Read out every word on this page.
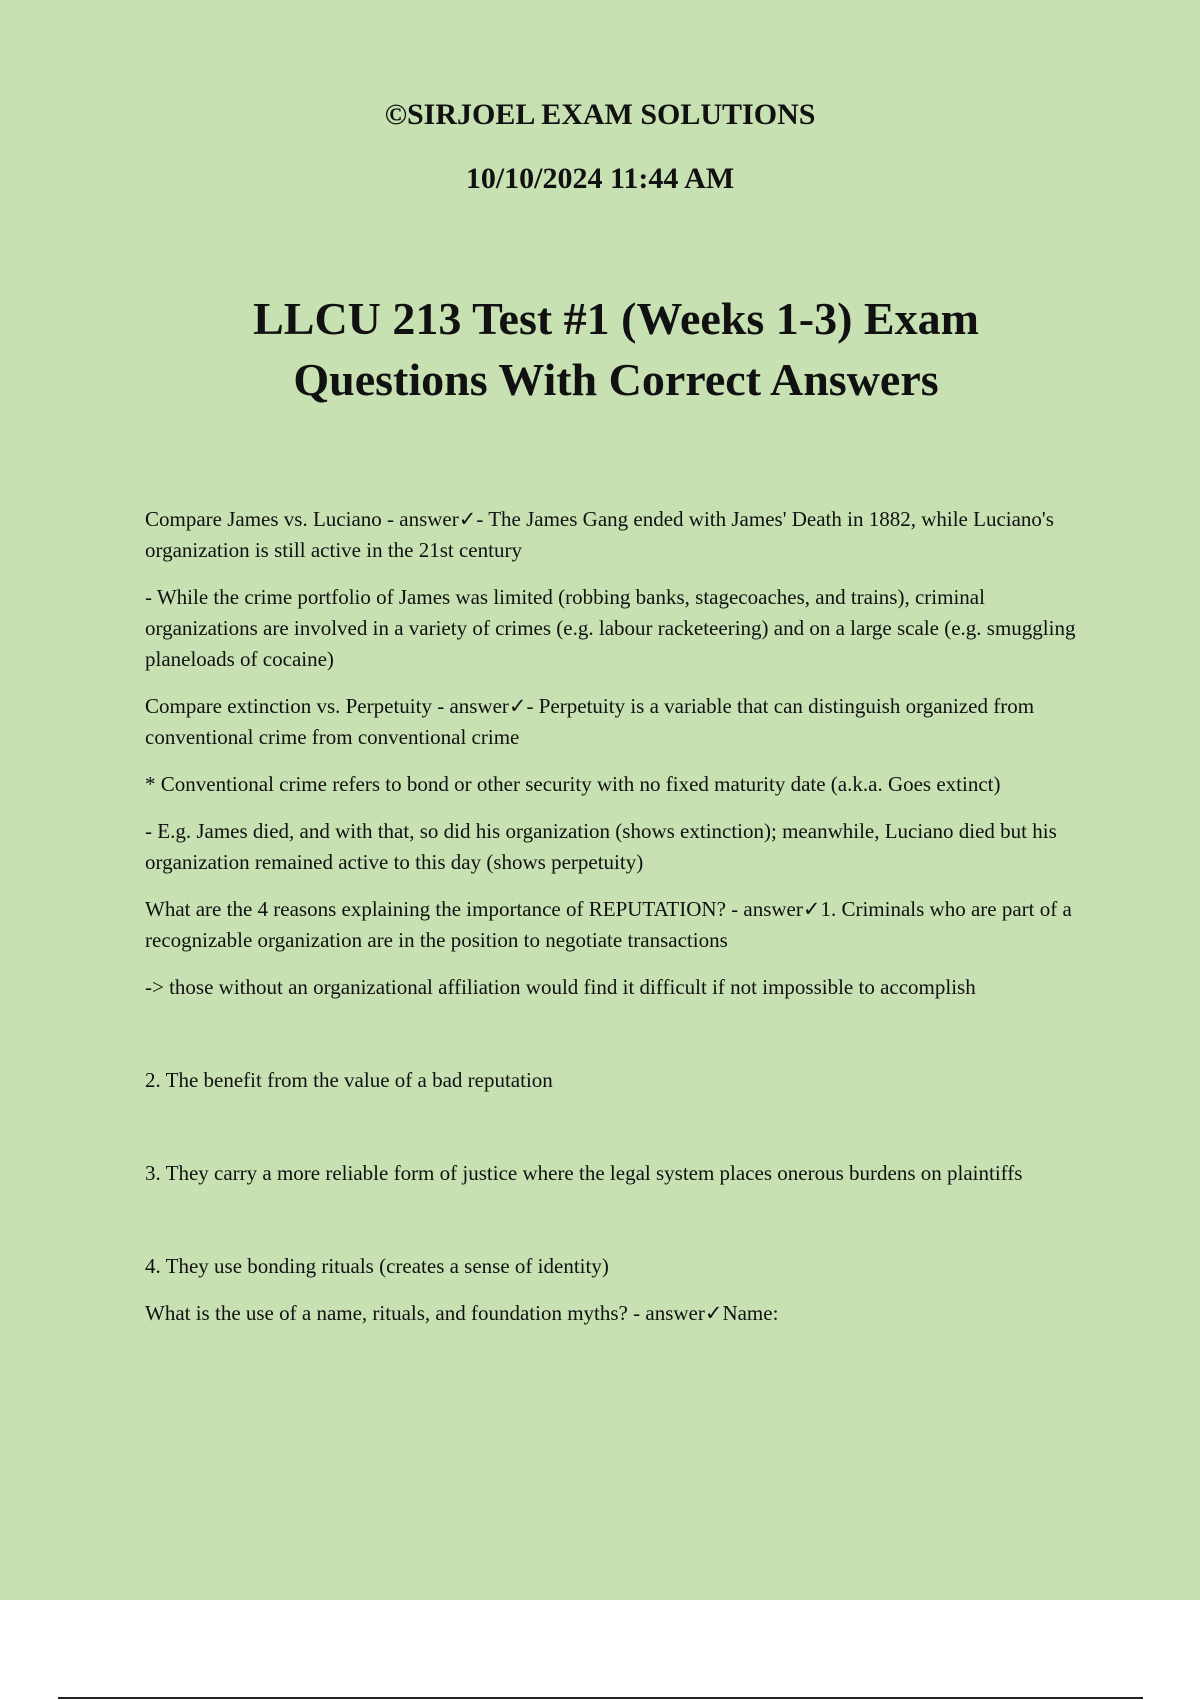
©SIRJOEL EXAM SOLUTIONS
10/10/2024 11:44 AM
LLCU 213 Test #1 (Weeks 1-3) Exam
Questions With Correct Answers

Compare James vs. Luciano - answer✓- The James Gang ended with James' Death in 1882, while Luciano's organization is still active in the 21st century

- While the crime portfolio of James was limited (robbing banks, stagecoaches, and trains), criminal organizations are involved in a variety of crimes (e.g. labour racketeering) and on a large scale (e.g. smuggling planeloads of cocaine)

Compare extinction vs. Perpetuity - answer✓- Perpetuity is a variable that can distinguish organized from conventional crime from conventional crime

* Conventional crime refers to bond or other security with no fixed maturity date (a.k.a. Goes extinct)

- E.g. James died, and with that, so did his organization (shows extinction); meanwhile, Luciano died but his organization remained active to this day (shows perpetuity)

What are the 4 reasons explaining the importance of REPUTATION? - answer✓1. Criminals who are part of a recognizable organization are in the position to negotiate transactions

-> those without an organizational affiliation would find it difficult if not impossible to accomplish

2. The benefit from the value of a bad reputation

3. They carry a more reliable form of justice where the legal system places onerous burdens on plaintiffs

4. They use bonding rituals (creates a sense of identity)

What is the use of a name, rituals, and foundation myths? - answer✓Name:
